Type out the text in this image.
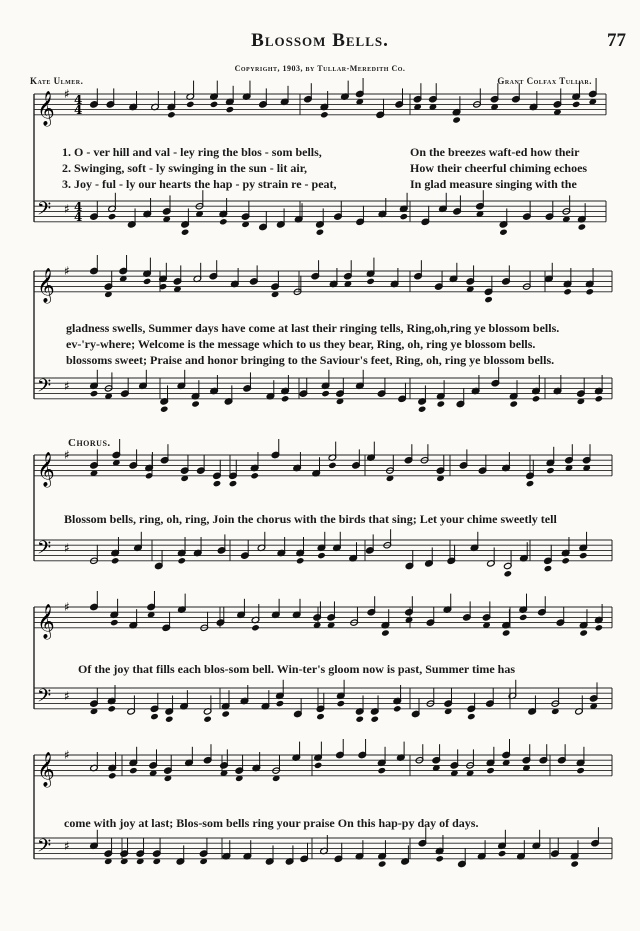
Blossom Bells.	77
Copyright, 1903, by Tullar-Meredith Co.
Kate Ulmer.	Grant Colfax Tullar.
𝄞 ♯
𝄢 ♯
𝄞 ♯
𝄢 ♯
𝄞 ♯
𝄢 ♯
𝄞 ♯
𝄢 ♯
𝄞 ♯
𝄢 ♯
4
4
4
4
1. O - ver hill and val - ley ring the blos - som bells,	On the breezes waft-ed how their
2. Swinging, soft - ly swinging in the sun - lit air,	How their cheerful chiming echoes
3. Joy - ful - ly our hearts the hap - py strain re - peat,	In glad measure singing with the
gladness swells, Summer days have come at last their ringing tells, Ring,oh,ring ye blossom bells.
ev-'ry-where; Welcome is the message which to us they bear, Ring, oh, ring ye blossom bells.
blossoms sweet; Praise and honor bringing to the Saviour's feet, Ring, oh, ring ye blossom bells.
Chorus.
Blossom bells, ring, oh, ring, Join the chorus with the birds that sing; Let your chime sweetly tell
Of the joy that fills each blos-som bell. Win-ter's gloom now is past, Summer time has
come with joy at last; Blos-som bells ring your praise On this hap-py day of days.
